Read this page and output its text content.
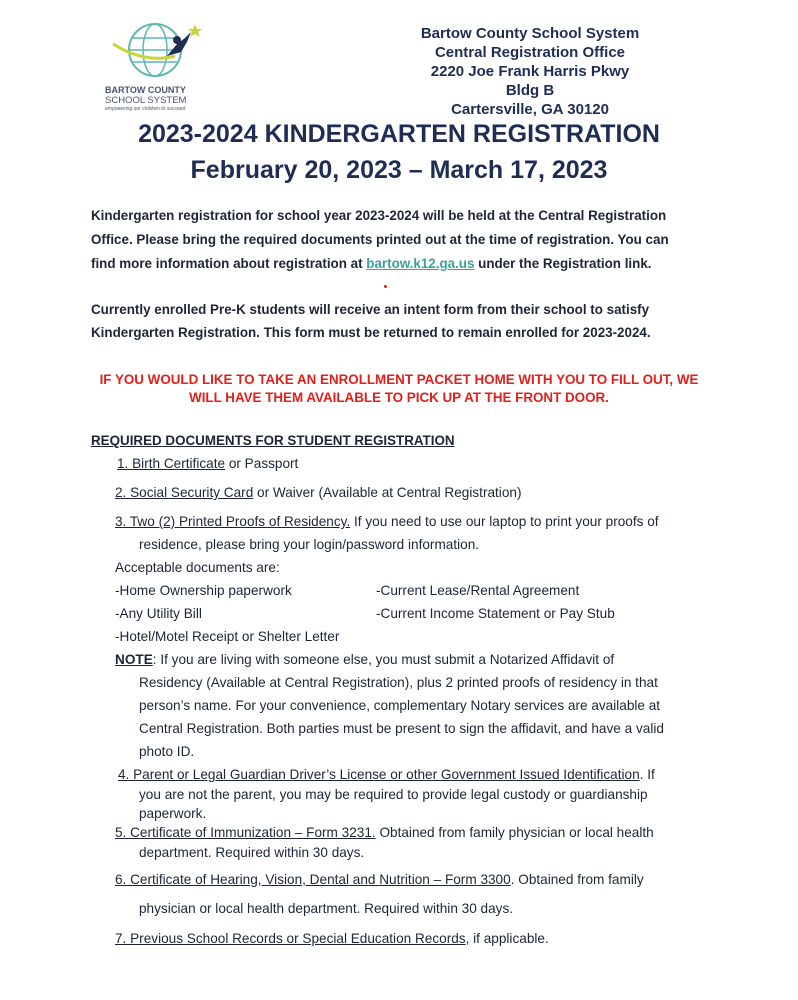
BARTOW COUNTY
SCHOOL SYSTEM
empowering our children to succeed
Bartow County School System
Central Registration Office
2220 Joe Frank Harris Pkwy
Bldg B
Cartersville, GA 30120
2023-2024 KINDERGARTEN REGISTRATION
February 20, 2023 – March 17, 2023
Kindergarten registration for school year 2023-2024 will be held at the Central Registration
Office. Please bring the required documents printed out at the time of registration. You can
find more information about registration at bartow.k12.ga.us under the Registration link.
Currently enrolled Pre-K students will receive an intent form from their school to satisfy
Kindergarten Registration. This form must be returned to remain enrolled for 2023-2024.
IF YOU WOULD LIKE TO TAKE AN ENROLLMENT PACKET HOME WITH YOU TO FILL OUT, WE
WILL HAVE THEM AVAILABLE TO PICK UP AT THE FRONT DOOR.
REQUIRED DOCUMENTS FOR STUDENT REGISTRATION
1. Birth Certificate or Passport
2. Social Security Card or Waiver (Available at Central Registration)
3. Two (2) Printed Proofs of Residency. If you need to use our laptop to print your proofs of
residence, please bring your login/password information.
Acceptable documents are:
-Home Ownership paperwork	-Current Lease/Rental Agreement
-Any Utility Bill	-Current Income Statement or Pay Stub
-Hotel/Motel Receipt or Shelter Letter
NOTE: If you are living with someone else, you must submit a Notarized Affidavit of
Residency (Available at Central Registration), plus 2 printed proofs of residency in that
person’s name. For your convenience, complementary Notary services are available at
Central Registration. Both parties must be present to sign the affidavit, and have a valid
photo ID.
4. Parent or Legal Guardian Driver’s License or other Government Issued Identification. If
you are not the parent, you may be required to provide legal custody or guardianship
paperwork.
5. Certificate of Immunization – Form 3231. Obtained from family physician or local health
department. Required within 30 days.
6. Certificate of Hearing, Vision, Dental and Nutrition – Form 3300. Obtained from family
physician or local health department. Required within 30 days.
7. Previous School Records or Special Education Records, if applicable.
